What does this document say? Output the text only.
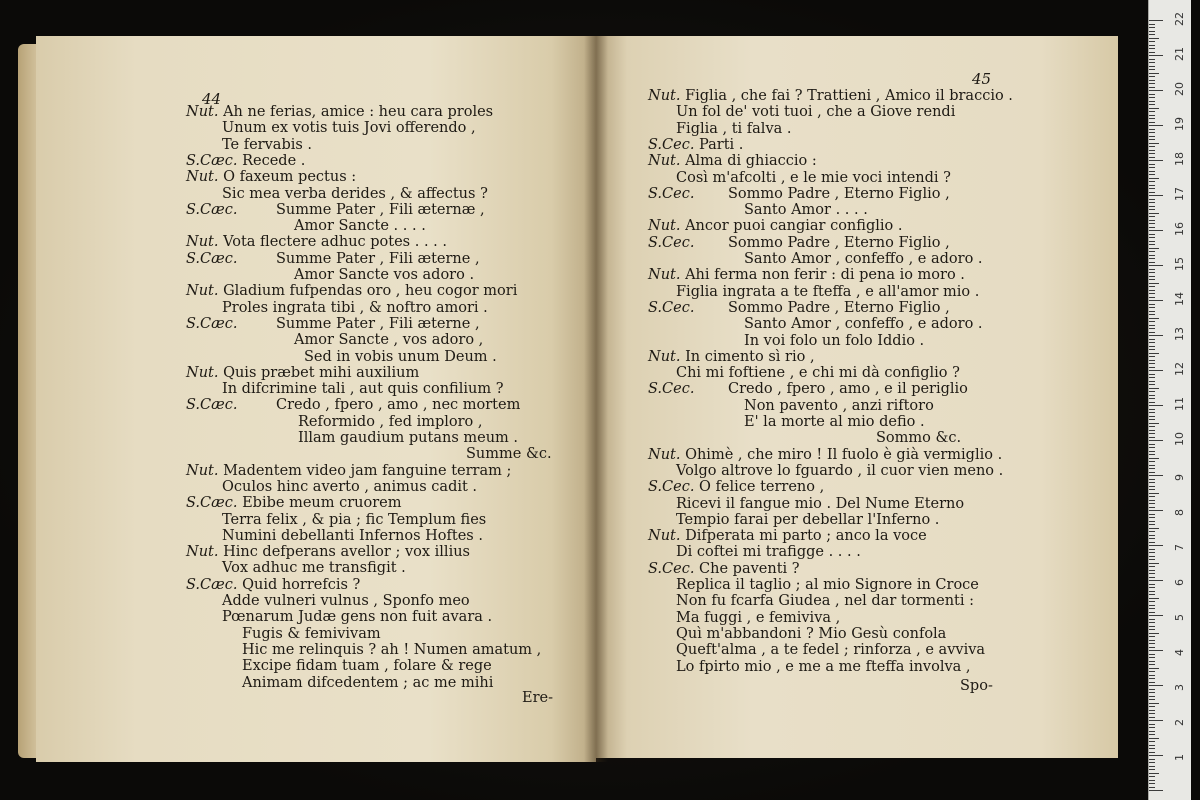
44
Ere-
Nut. Ah ne ferias, amice : heu cara proles
Unum ex votis tuis Jovi offerendo ,
Te fervabis .
S.Cæc. Recede .
Nut. O faxeum pectus :
Sic mea verba derides , & affectus ?
S.Cæc.	Summe Pater , Fili æternæ ,
Amor Sancte . . . .
Nut. Vota flectere adhuc potes . . . .
S.Cæc.	Summe Pater , Fili æterne ,
Amor Sancte vos adoro .
Nut. Gladium fufpendas oro , heu cogor mori
Proles ingrata tibi , & noftro amori .
S.Cæc.	Summe Pater , Fili æterne ,
Amor Sancte , vos adoro ,
Sed in vobis unum Deum .
Nut. Quis præbet mihi auxilium
In difcrimine tali , aut quis confilium ?
S.Cæc.	Credo , fpero , amo , nec mortem
Reformido , fed imploro ,
Illam gaudium putans meum .
Summe &c.
Nut. Madentem video jam fanguine terram ;
Oculos hinc averto , animus cadit .
S.Cæc. Ebibe meum cruorem
Terra felix , & pia ; fic Templum fies
Numini debellanti Infernos Hoftes .
Nut. Hinc defperans avellor ; vox illius
Vox adhuc me transfigit .
S.Cæc. Quid horrefcis ?
Adde vulneri vulnus , Sponfo meo
Pœnarum Judæ gens non fuit avara .
Fugis & femivivam
Hic me relinquis ? ah ! Numen amatum ,
Excipe fidam tuam , folare & rege
Animam difcedentem ; ac me mihi
45
Spo-
Nut. Figlia , che fai ? Trattieni , Amico il braccio .
Un fol de' voti tuoi , che a Giove rendi
Figlia , ti falva .
S.Cec. Parti .
Nut. Alma di ghiaccio :
Così m'afcolti , e le mie voci intendi ?
S.Cec.Sommo Padre , Eterno Figlio ,
Santo Amor . . . .
Nut. Ancor puoi cangiar configlio .
S.Cec.Sommo Padre , Eterno Figlio ,
Santo Amor , confeffo , e adoro .
Nut. Ahi ferma non ferir : di pena io moro .
Figlia ingrata a te fteffa , e all'amor mio .
S.Cec.Sommo Padre , Eterno Figlio ,
Santo Amor , confeffo , e adoro .
In voi folo un folo Iddio .
Nut. In cimento sì rio ,
Chi mi foftiene , e chi mi dà configlio ?
S.Cec.Credo , fpero , amo , e il periglio
Non pavento , anzi riftoro
E' la morte al mio defio .
Sommo &c.
Nut. Ohimè , che miro ! Il fuolo è già vermiglio .
Volgo altrove lo fguardo , il cuor vien meno .
S.Cec. O felice terreno ,
Ricevi il fangue mio . Del Nume Eterno
Tempio farai per debellar l'Inferno .
Nut. Difperata mi parto ; anco la voce
Di coftei mi trafigge . . . .
S.Cec. Che paventi ?
Replica il taglio ; al mio Signore in Croce
Non fu fcarfa Giudea , nel dar tormenti :
Ma fuggi , e femiviva ,
Quì m'abbandoni ? Mio Gesù confola
Queft'alma , a te fedel ; rinforza , e avviva
Lo fpirto mio , e me a me fteffa involva ,
1
2
3
4
5
6
7
8
9
10
11
12
13
14
15
16
17
18
19
20
21
22
